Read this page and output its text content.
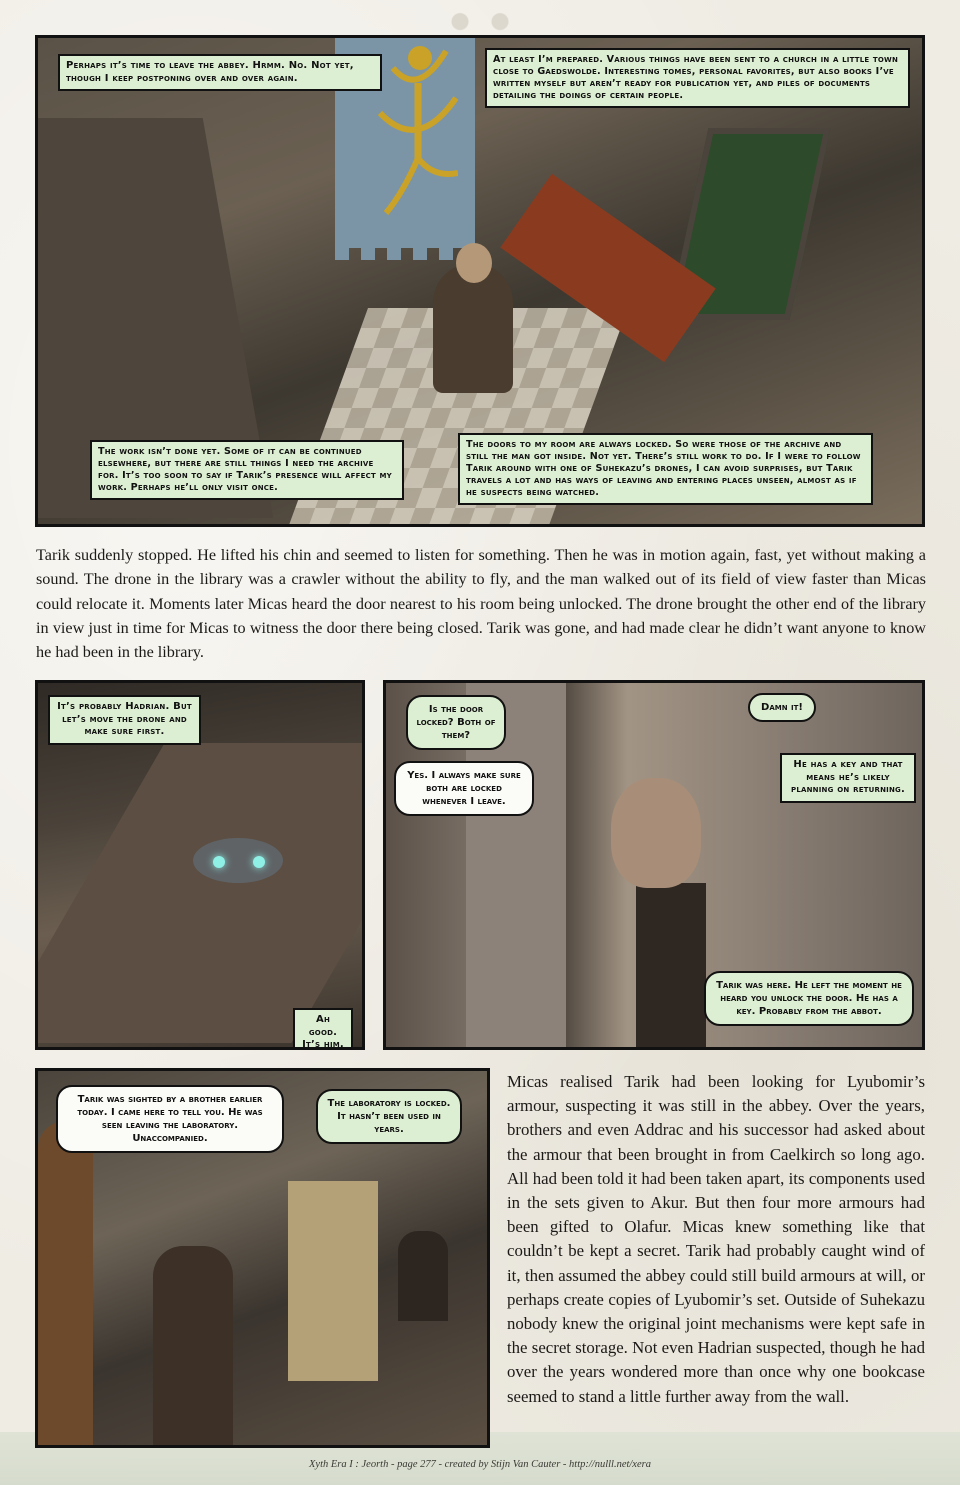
Perhaps it’s time to leave the abbey. Hrmm. No. Not yet, though I keep postponing over and over again.
At least I’m prepared. Various things have been sent to a church in a little town close to Gaedswolde. Interesting tomes, personal favorites, but also books I’ve written myself but aren’t ready for publication yet, and piles of documents detailing the doings of certain people.
The work isn’t done yet. Some of it can be continued elsewhere, but there are still things I need the archive for. It’s too soon to say if Tarik’s presence will affect my work. Perhaps he’ll only visit once.
The doors to my room are always locked. So were those of the archive and still the man got inside. Not yet. There’s still work to do. If I were to follow Tarik around with one of Suhekazu’s drones, I can avoid surprises, but Tarik travels a lot and has ways of leaving and entering places unseen, almost as if he suspects being watched.
Tarik suddenly stopped. He lifted his chin and seemed to listen for something. Then he was in motion again, fast, yet without making a sound. The drone in the library was a crawler without the ability to fly, and the man walked out of its field of view faster than Micas could relocate it. Moments later Micas heard the door nearest to his room being unlocked. The drone brought the other end of the library in view just in time for Micas to witness the door there being closed. Tarik was gone, and had made clear he didn’t want anyone to know he had been in the library.
It’s probably Hadrian. But let’s move the drone and make sure first.
Ah good. It’s him.
Is the door locked? Both of them?
Yes. I always make sure both are locked whenever I leave.
Damn it!
He has a key and that means he’s likely planning on returning.
Tarik was here. He left the moment he heard you unlock the door. He has a key. Probably from the abbot.
Tarik was sighted by a brother earlier today. I came here to tell you. He was seen leaving the laboratory. Unaccompanied.
The laboratory is locked. It hasn’t been used in years.
Micas realised Tarik had been looking for Lyubomir’s armour, suspecting it was still in the abbey. Over the years, brothers and even Addrac and his successor had asked about the armour that been brought in from Caelkirch so long ago. All had been told it had been taken apart, its components used in the sets given to Akur. But then four more armours had been gifted to Olafur. Micas knew something like that couldn’t be kept a secret. Tarik had probably caught wind of it, then assumed the abbey could still build armours at will, or perhaps create copies of Lyubomir’s set. Outside of Suhekazu nobody knew the original joint mechanisms were kept safe in the secret storage. Not even Hadrian suspected, though he had over the years wondered more than once why one bookcase seemed to stand a little further away from the wall.
Xyth Era I : Jeorth - page 277 - created by Stijn Van Cauter - http://nulll.net/xera
